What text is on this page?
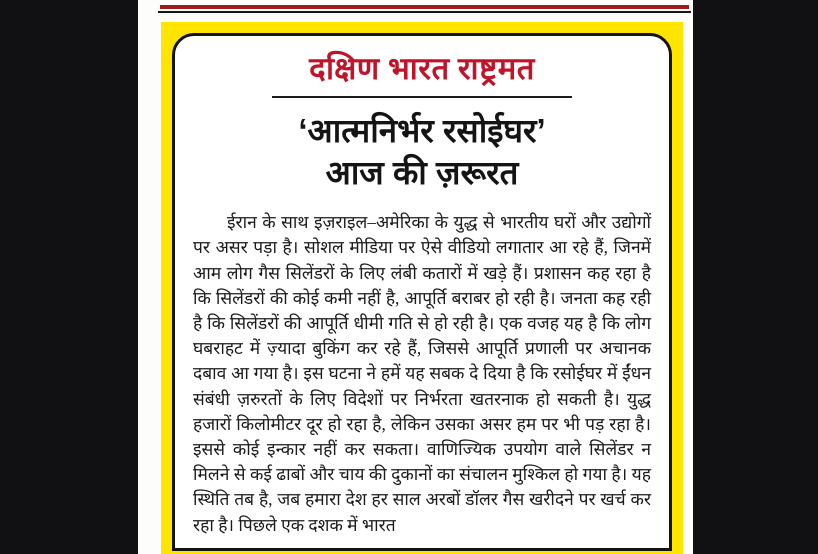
दक्षिण भारत राष्ट्रमत
‘आत्मनिर्भर रसोईघर’
आज की ज़रूरत

ईरान के साथ इज़राइल–अमेरिका के युद्ध से भारतीय घरों और उद्योगों पर असर पड़ा है। सोशल मीडिया पर ऐसे वीडियो लगातार आ रहे हैं, जिनमें आम लोग गैस सिलेंडरों के लिए लंबी कतारों में खड़े हैं। प्रशासन कह रहा है कि सिलेंडरों की कोई कमी नहीं है, आपूर्ति बराबर हो रही है। जनता कह रही है कि सिलेंडरों की आपूर्ति धीमी गति से हो रही है। एक वजह यह है कि लोग घबराहट में ज़्यादा बुकिंग कर रहे हैं, जिससे आपूर्ति प्रणाली पर अचानक दबाव आ गया है। इस घटना ने हमें यह सबक दे दिया है कि रसोईघर में ईंधन संबंधी ज़रुरतों के लिए विदेशों पर निर्भरता खतरनाक हो सकती है। युद्ध हजारों किलोमीटर दूर हो रहा है, लेकिन उसका असर हम पर भी पड़ रहा है। इससे कोई इन्कार नहीं कर सकता। वाणिज्यिक उपयोग वाले सिलेंडर न मिलने से कई ढाबों और चाय की दुकानों का संचालन मुश्किल हो गया है। यह स्थिति तब है, जब हमारा देश हर साल अरबों डॉलर गैस खरीदने पर खर्च कर रहा है। पिछले एक दशक में भारत
